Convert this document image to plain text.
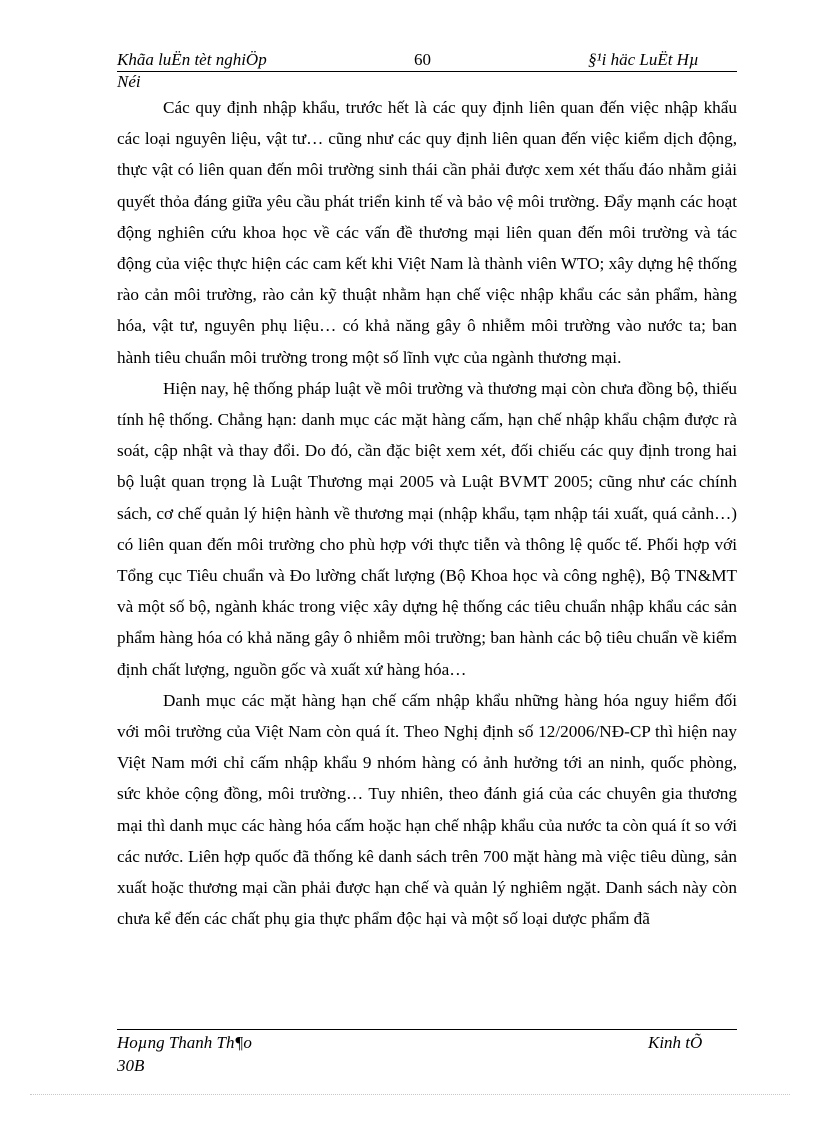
Khãa luËn tèt nghiÖp	60	§¹i häc LuËt Hµ
Néi

Các quy định nhập khẩu, trước hết là các quy định liên quan đến việc nhập khẩu các loại nguyên liệu, vật tư… cũng như các quy định liên quan đến việc kiểm dịch động, thực vật có liên quan đến môi trường sinh thái cần phải được xem xét thấu đáo nhằm giải quyết thỏa đáng giữa yêu cầu phát triển kinh tế và bảo vệ môi trường. Đẩy mạnh các hoạt động nghiên cứu khoa học về các vấn đề thương mại liên quan đến môi trường và tác động của việc thực hiện các cam kết khi Việt Nam là thành viên WTO; xây dựng hệ thống rào cản môi trường, rào cản kỹ thuật nhằm hạn chế việc nhập khẩu các sản phẩm, hàng hóa, vật tư, nguyên phụ liệu… có khả năng gây ô nhiễm môi trường vào nước ta; ban hành tiêu chuẩn môi trường trong một số lĩnh vực của ngành thương mại.

Hiện nay, hệ thống pháp luật về môi trường và thương mại còn chưa đồng bộ, thiếu tính hệ thống. Chẳng hạn: danh mục các mặt hàng cấm, hạn chế nhập khẩu chậm được rà soát, cập nhật và thay đổi. Do đó, cần đặc biệt xem xét, đối chiếu các quy định trong hai bộ luật quan trọng là Luật Thương mại 2005 và Luật BVMT 2005; cũng như các chính sách, cơ chế quản lý hiện hành về thương mại (nhập khẩu, tạm nhập tái xuất, quá cảnh…) có liên quan đến môi trường cho phù hợp với thực tiễn và thông lệ quốc tế. Phối hợp với Tổng cục Tiêu chuẩn và Đo lường chất lượng (Bộ Khoa học và công nghệ), Bộ TN&MT và một số bộ, ngành khác trong việc xây dựng hệ thống các tiêu chuẩn nhập khẩu các sản phẩm hàng hóa có khả năng gây ô nhiễm môi trường; ban hành các bộ tiêu chuẩn về kiểm định chất lượng, nguồn gốc và xuất xứ hàng hóa…

Danh mục các mặt hàng hạn chế cấm nhập khẩu những hàng hóa nguy hiểm đối với môi trường của Việt Nam còn quá ít. Theo Nghị định số 12/2006/NĐ-CP thì hiện nay Việt Nam mới chỉ cấm nhập khẩu 9 nhóm hàng có ảnh hưởng tới an ninh, quốc phòng, sức khỏe cộng đồng, môi trường… Tuy nhiên, theo đánh giá của các chuyên gia thương mại thì danh mục các hàng hóa cấm hoặc hạn chế nhập khẩu của nước ta còn quá ít so với các nước. Liên hợp quốc đã thống kê danh sách trên 700 mặt hàng mà việc tiêu dùng, sản xuất hoặc thương mại cần phải được hạn chế và quản lý nghiêm ngặt. Danh sách này còn chưa kể đến các chất phụ gia thực phẩm độc hại và một số loại dược phẩm đã

Hoµng Thanh Th¶o
30B
Kinh tÕ
